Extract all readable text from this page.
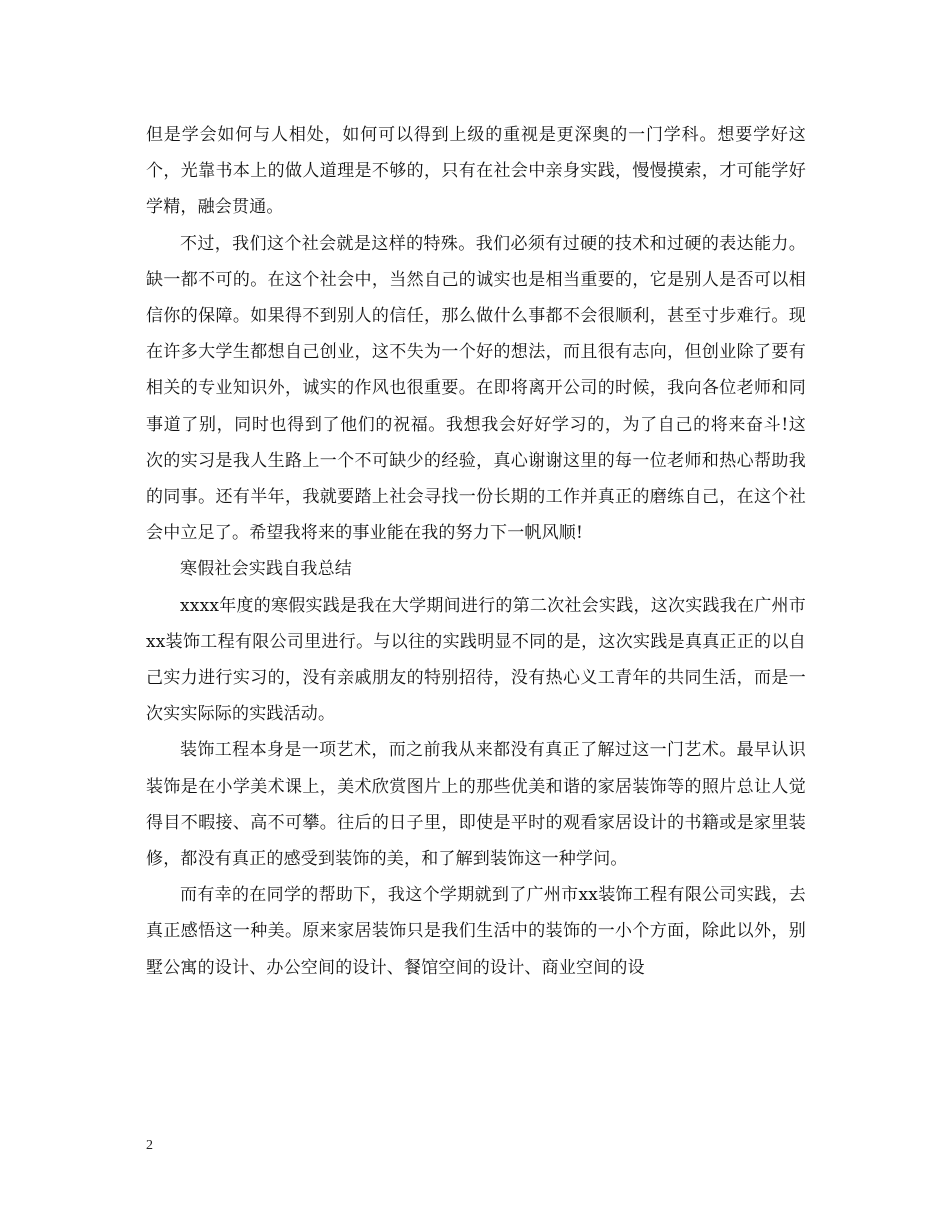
但是学会如何与人相处，如何可以得到上级的重视是更深奥的一门学科。想要学好这个，光靠书本上的做人道理是不够的，只有在社会中亲身实践，慢慢摸索，才可能学好学精，融会贯通。

不过，我们这个社会就是这样的特殊。我们必须有过硬的技术和过硬的表达能力。缺一都不可的。在这个社会中，当然自己的诚实也是相当重要的，它是别人是否可以相信你的保障。如果得不到别人的信任，那么做什么事都不会很顺利，甚至寸步难行。现在许多大学生都想自己创业，这不失为一个好的想法，而且很有志向，但创业除了要有相关的专业知识外，诚实的作风也很重要。在即将离开公司的时候，我向各位老师和同事道了别，同时也得到了他们的祝福。我想我会好好学习的，为了自己的将来奋斗!这次的实习是我人生路上一个不可缺少的经验，真心谢谢这里的每一位老师和热心帮助我的同事。还有半年，我就要踏上社会寻找一份长期的工作并真正的磨练自己，在这个社会中立足了。希望我将来的事业能在我的努力下一帆风顺!

寒假社会实践自我总结

xxxx年度的寒假实践是我在大学期间进行的第二次社会实践，这次实践我在广州市xx装饰工程有限公司里进行。与以往的实践明显不同的是，这次实践是真真正正的以自己实力进行实习的，没有亲戚朋友的特别招待，没有热心义工青年的共同生活，而是一次实实际际的实践活动。

装饰工程本身是一项艺术，而之前我从来都没有真正了解过这一门艺术。最早认识装饰是在小学美术课上，美术欣赏图片上的那些优美和谐的家居装饰等的照片总让人觉得目不暇接、高不可攀。往后的日子里，即使是平时的观看家居设计的书籍或是家里装修，都没有真正的感受到装饰的美，和了解到装饰这一种学问。

而有幸的在同学的帮助下，我这个学期就到了广州市xx装饰工程有限公司实践，去真正感悟这一种美。原来家居装饰只是我们生活中的装饰的一小个方面，除此以外，别墅公寓的设计、办公空间的设计、餐馆空间的设计、商业空间的设

2
